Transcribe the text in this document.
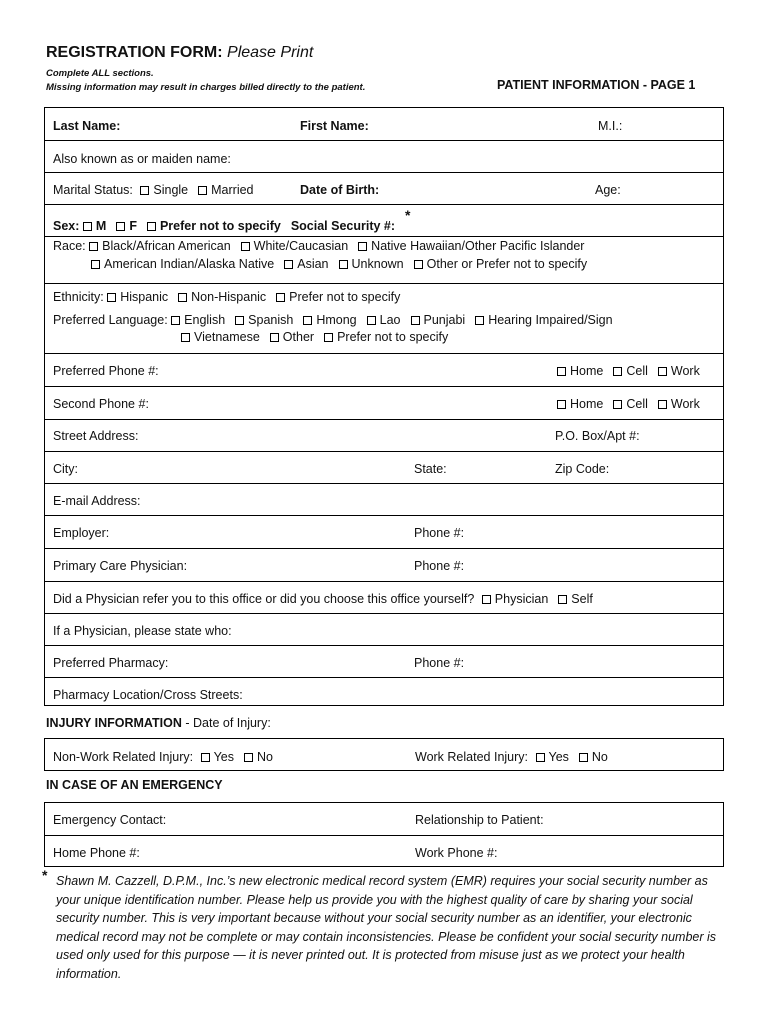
REGISTRATION FORM: Please Print
Complete ALL sections.
Missing information may result in charges billed directly to the patient.	PATIENT INFORMATION - PAGE 1
Last Name:	First Name:	M.I.:
Also known as or maiden name:
Marital Status: Single Married	Date of Birth:	Age:
Sex: M F Prefer not to specify Social Security #:
*
Race: Black/African American White/Caucasian Native Hawaiian/Other Pacific Islander
American Indian/Alaska Native Asian Unknown Other or Prefer not to specify
Ethnicity: Hispanic Non-Hispanic Prefer not to specify
Preferred Language: English Spanish Hmong Lao Punjabi Hearing Impaired/Sign
Vietnamese Other Prefer not to specify
Preferred Phone #:	Home Cell Work
Second Phone #:	Home Cell Work
Street Address:	P.O. Box/Apt #:
City:	State:	Zip Code:
E-mail Address:
Employer:	Phone #:
Primary Care Physician:	Phone #:
Did a Physician refer you to this office or did you choose this office yourself? Physician Self
If a Physician, please state who:
Preferred Pharmacy:	Phone #:
Pharmacy Location/Cross Streets:
INJURY INFORMATION - Date of Injury:
Non-Work Related Injury: Yes No	Work Related Injury: Yes No
IN CASE OF AN EMERGENCY
Emergency Contact:	Relationship to Patient:
Home Phone #:	Work Phone #:
* Shawn M. Cazzell, D.P.M., Inc.’s new electronic medical record system (EMR) requires your social security number as your unique identification number. Please help us provide you with the highest quality of care by sharing your social security number. This is very important because without your social security number as an identifier, your electronic medical record may not be complete or may contain inconsistencies. Please be confident your social security number is used only used for this purpose — it is never printed out. It is protected from misuse just as we protect your health information.
